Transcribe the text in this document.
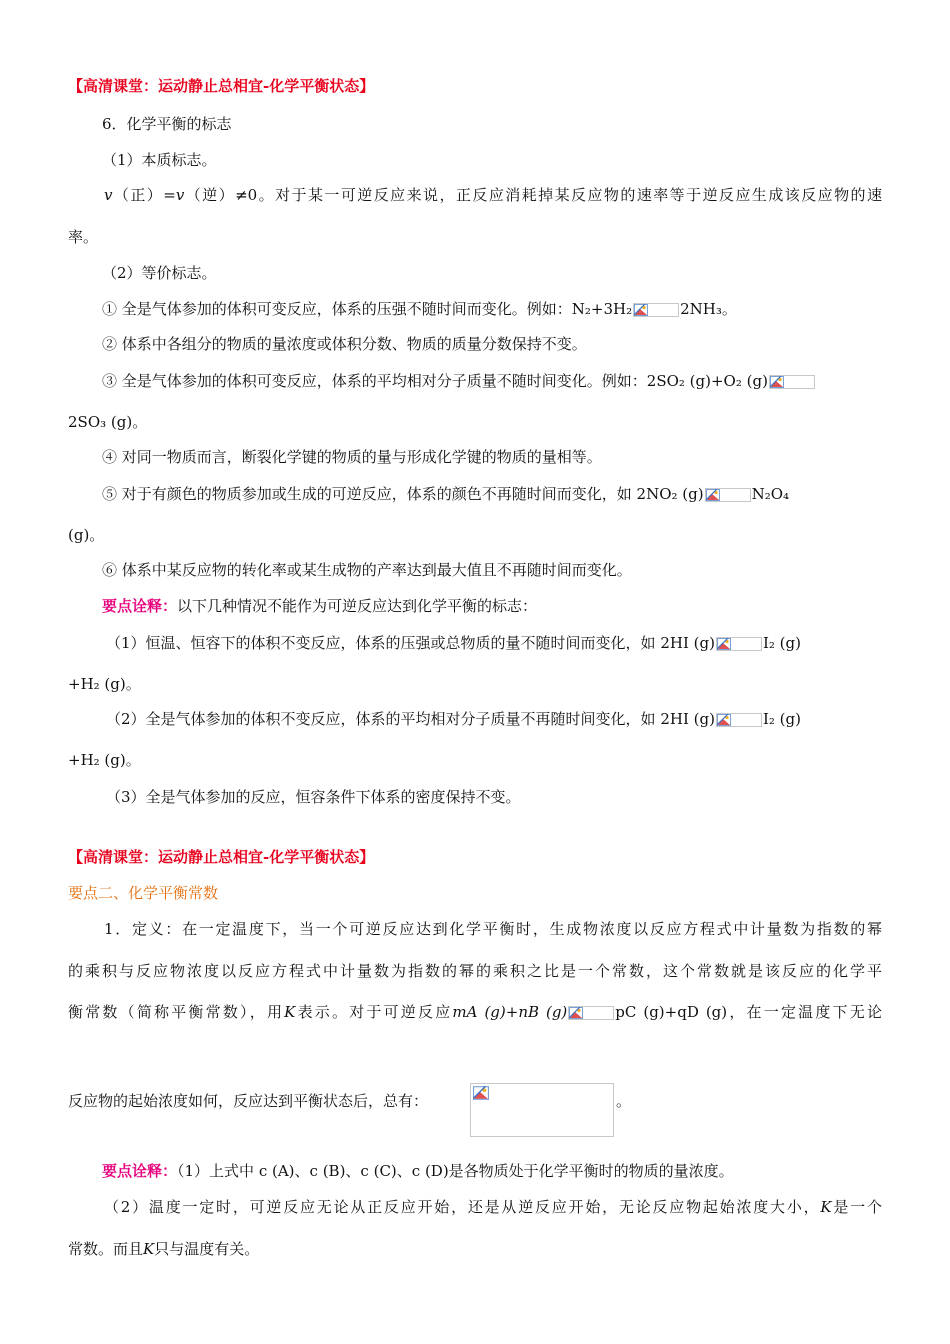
【高清课堂：运动静止总相宜-化学平衡状态】
6．化学平衡的标志
（1）本质标志。
v（正）=v（逆）≠0。对于某一可逆反应来说，正反应消耗掉某反应物的速率等于逆反应生成该反应物的速
率。
（2）等价标志。
① 全是气体参加的体积可变反应，体系的压强不随时间而变化。例如：N₂+3H₂	2NH₃。
② 体系中各组分的物质的量浓度或体积分数、物质的质量分数保持不变。
③ 全是气体参加的体积可变反应，体系的平均相对分子质量不随时间变化。例如：2SO₂ (g)+O₂ (g)
2SO₃ (g)。
④ 对同一物质而言，断裂化学键的物质的量与形成化学键的物质的量相等。
⑤ 对于有颜色的物质参加或生成的可逆反应，体系的颜色不再随时间而变化，如 2NO₂ (g)	N₂O₄
(g)。
⑥ 体系中某反应物的转化率或某生成物的产率达到最大值且不再随时间而变化。
要点诠释：以下几种情况不能作为可逆反应达到化学平衡的标志：
（1）恒温、恒容下的体积不变反应，体系的压强或总物质的量不随时间而变化，如 2HI (g)	I₂ (g)
+H₂ (g)。
（2）全是气体参加的体积不变反应，体系的平均相对分子质量不再随时间变化，如 2HI (g)	I₂ (g)
+H₂ (g)。
（3）全是气体参加的反应，恒容条件下体系的密度保持不变。
【高清课堂：运动静止总相宜-化学平衡状态】
要点二、化学平衡常数
1．定义：在一定温度下，当一个可逆反应达到化学平衡时，生成物浓度以反应方程式中计量数为指数的幂
的乘积与反应物浓度以反应方程式中计量数为指数的幂的乘积之比是一个常数，这个常数就是该反应的化学平
衡常数（简称平衡常数），用K表示。对于可逆反应mA (g)+nB (g)	pC (g)+qD (g)，在一定温度下无论
反应物的起始浓度如何，反应达到平衡状态后，总有：	。
要点诠释：（1）上式中 c (A)、c (B)、c (C)、c (D)是各物质处于化学平衡时的物质的量浓度。
（2）温度一定时，可逆反应无论从正反应开始，还是从逆反应开始，无论反应物起始浓度大小，K是一个
常数。而且K只与温度有关。
